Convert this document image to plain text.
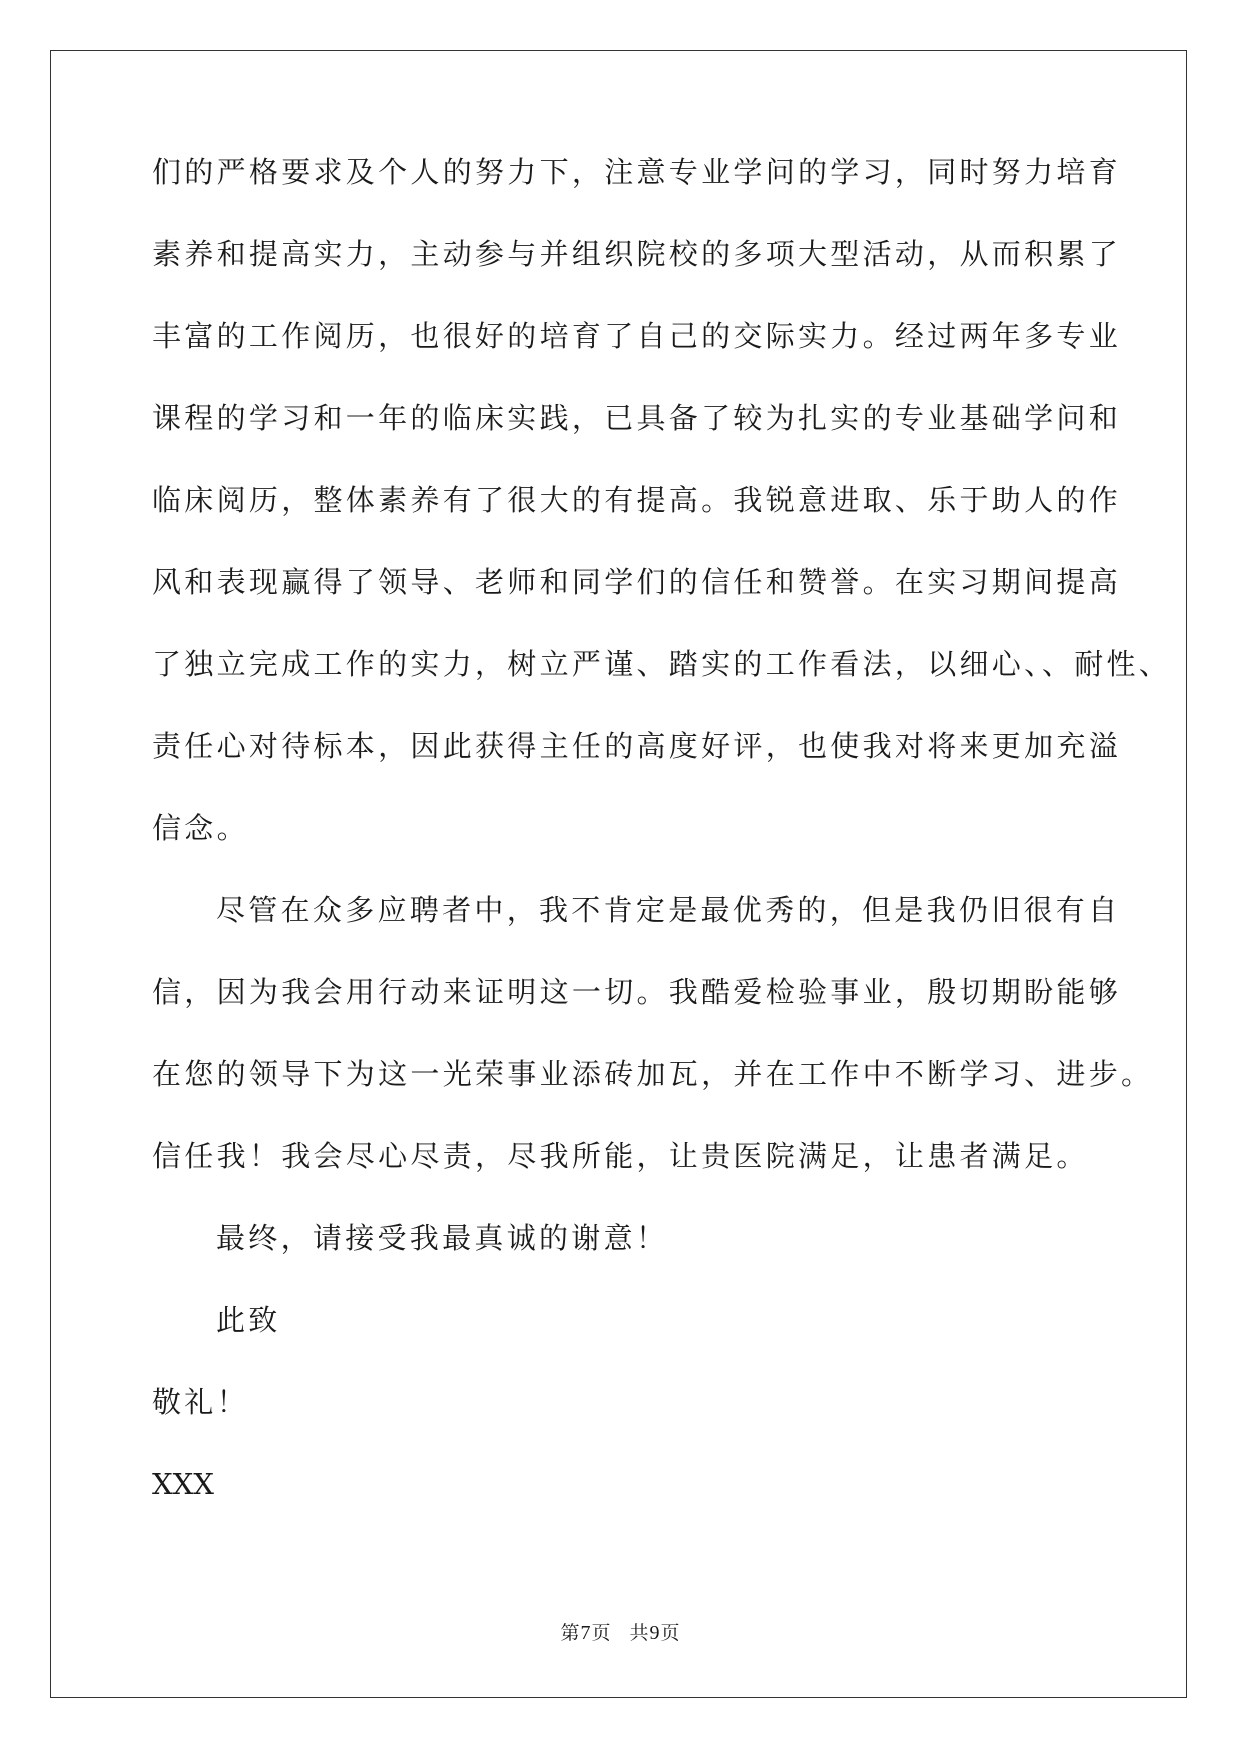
们的严格要求及个人的努力下，注意专业学问的学习，同时努力培育
素养和提高实力，主动参与并组织院校的多项大型活动，从而积累了
丰富的工作阅历，也很好的培育了自己的交际实力。经过两年多专业
课程的学习和一年的临床实践，已具备了较为扎实的专业基础学问和
临床阅历，整体素养有了很大的有提高。我锐意进取、乐于助人的作
风和表现赢得了领导、老师和同学们的信任和赞誉。在实习期间提高
了独立完成工作的实力，树立严谨、踏实的工作看法，以细心、、耐性、
责任心对待标本，因此获得主任的高度好评，也使我对将来更加充溢
信念。
尽管在众多应聘者中，我不肯定是最优秀的，但是我仍旧很有自
信，因为我会用行动来证明这一切。我酷爱检验事业，殷切期盼能够
在您的领导下为这一光荣事业添砖加瓦，并在工作中不断学习、进步。
信任我！我会尽心尽责，尽我所能，让贵医院满足，让患者满足。
最终，请接受我最真诚的谢意！
此致
敬礼！
XXX
第7页 共9页
